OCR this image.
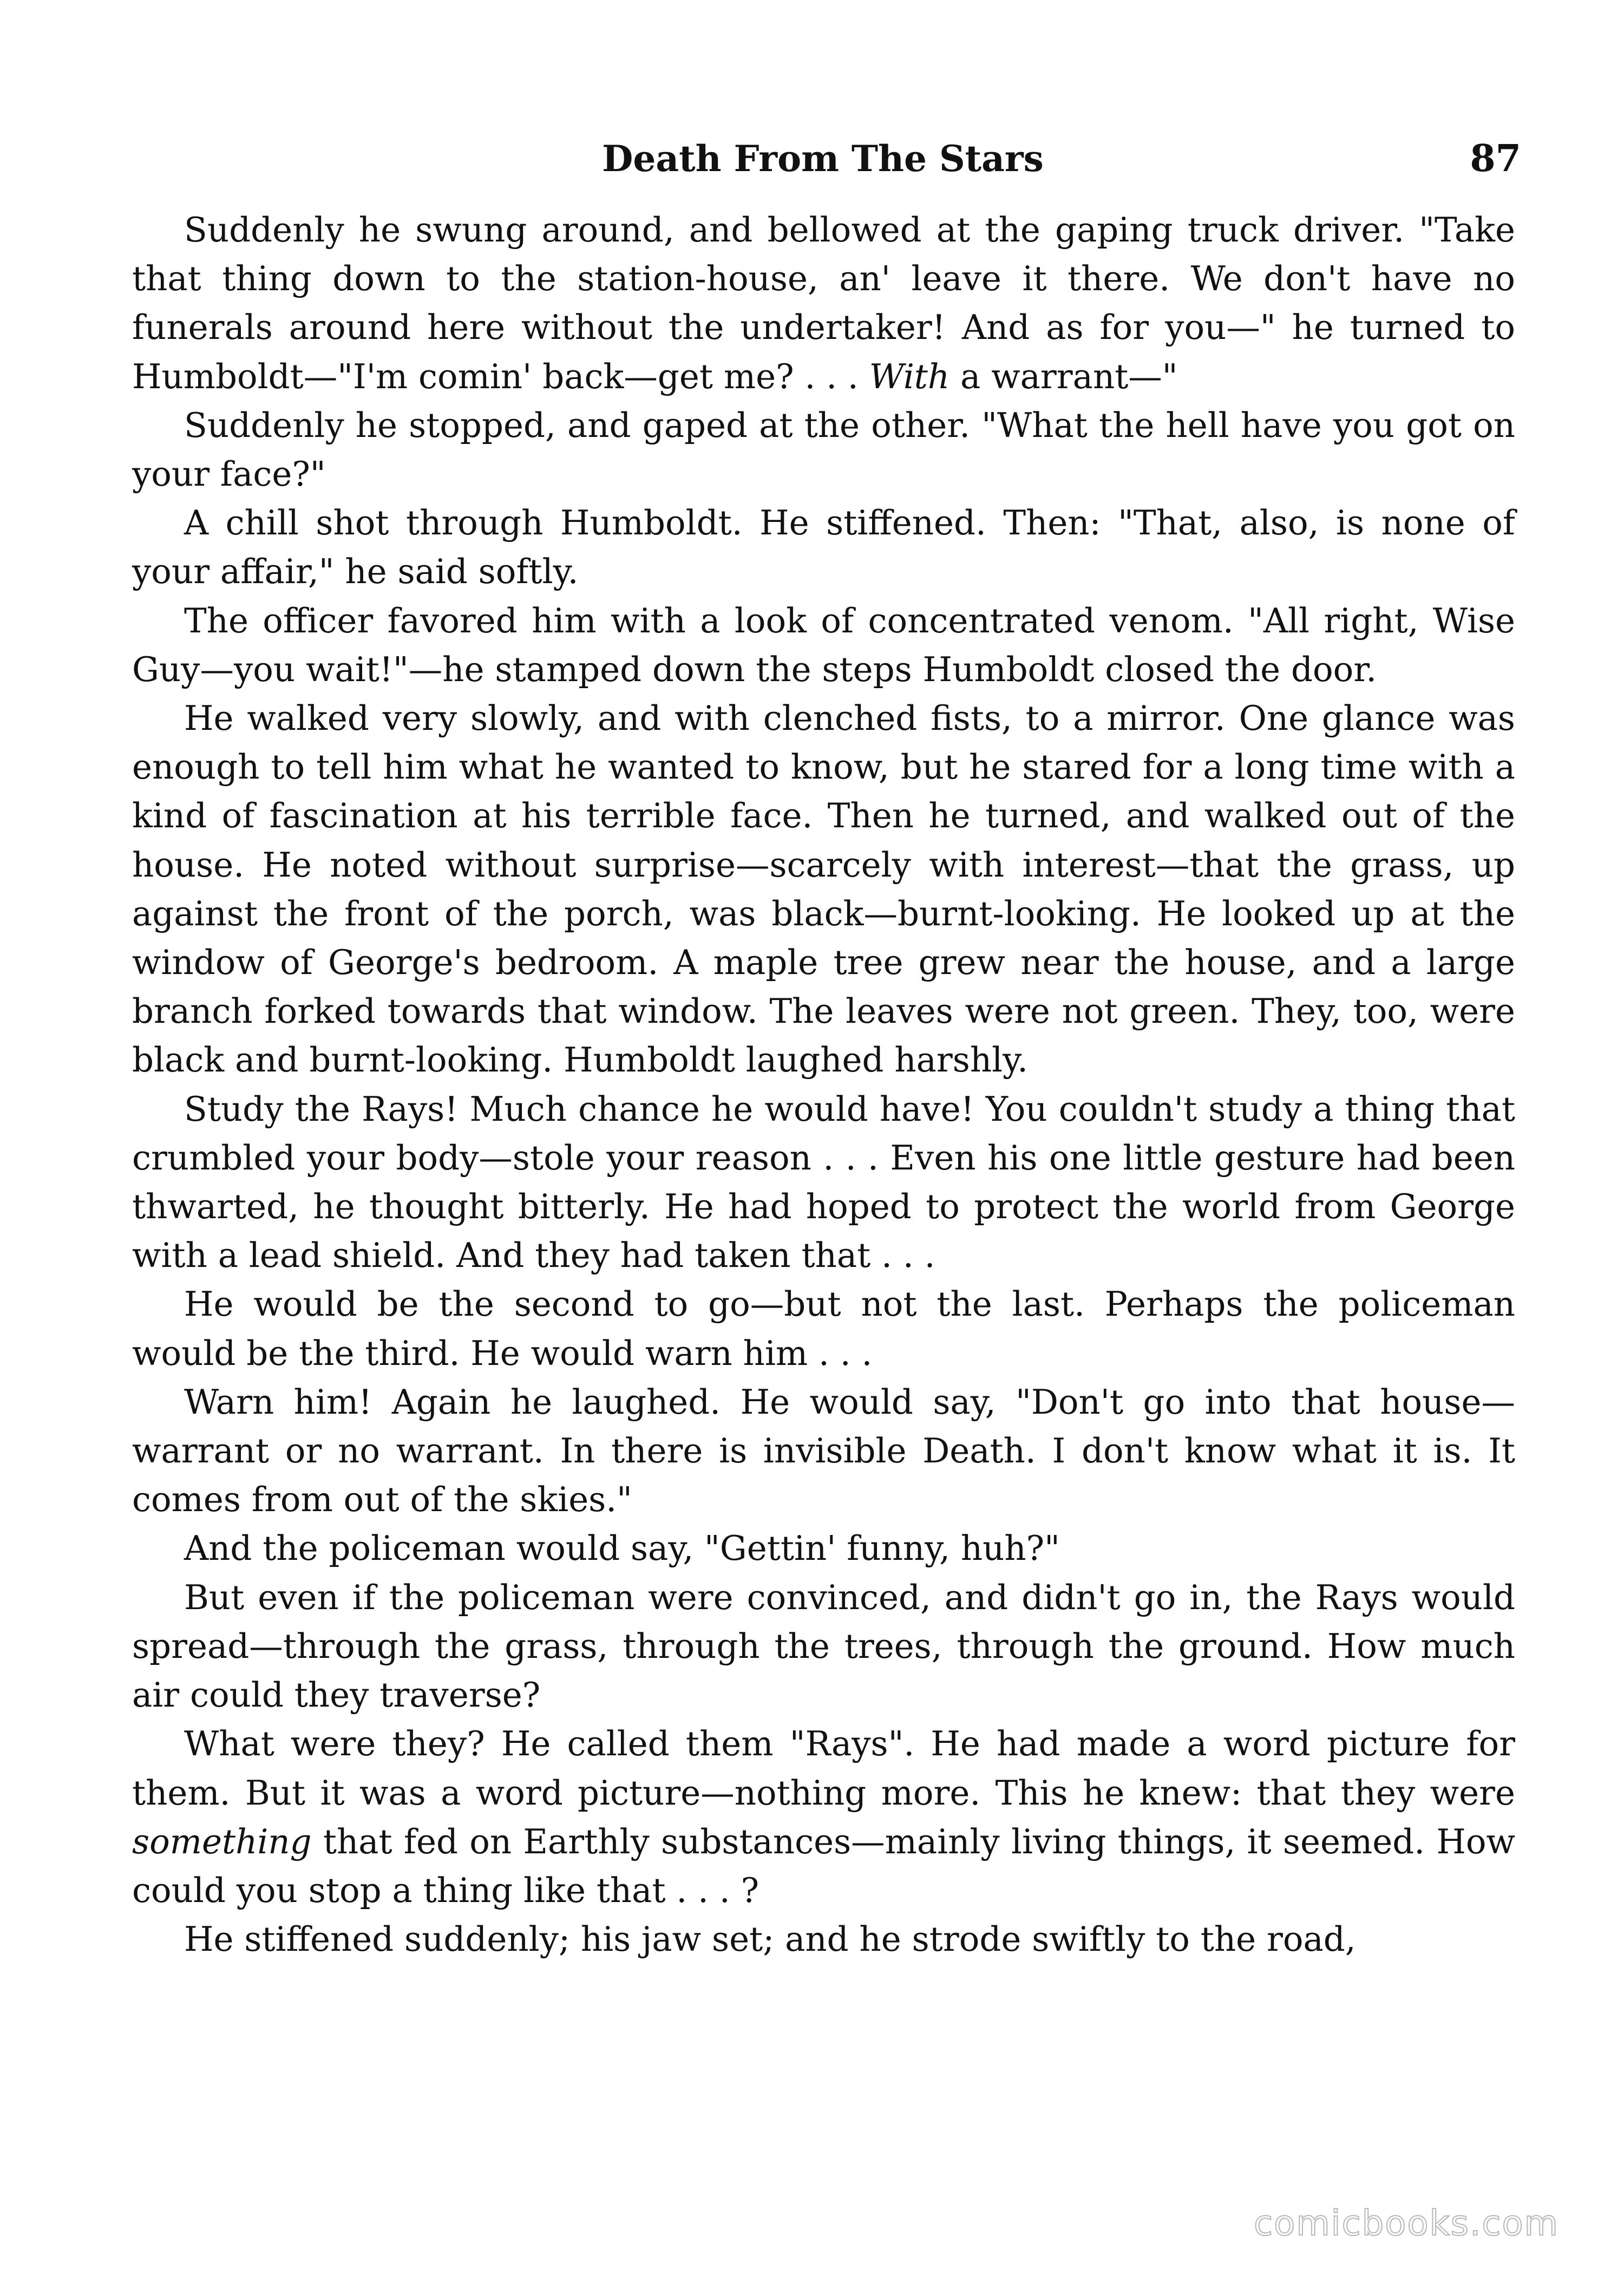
Death From The Stars	87

Suddenly he swung around, and bellowed at the gaping truck driver. "Take that thing down to the station-house, an' leave it there. We don't have no funerals around here without the undertaker! And as for you—" he turned to Humboldt—"I'm comin' back—get me? . . . With a warrant—"

Suddenly he stopped, and gaped at the other. "What the hell have you got on your face?"

A chill shot through Humboldt. He stiffened. Then: "That, also, is none of your affair," he said softly.

The officer favored him with a look of concentrated venom. "All right, Wise Guy—you wait!"—he stamped down the steps Humboldt closed the door.

He walked very slowly, and with clenched fists, to a mirror. One glance was enough to tell him what he wanted to know, but he stared for a long time with a kind of fascination at his terrible face. Then he turned, and walked out of the house. He noted without surprise—scarcely with interest—that the grass, up against the front of the porch, was black—burnt-looking. He looked up at the window of George's bedroom. A maple tree grew near the house, and a large branch forked towards that window. The leaves were not green. They, too, were black and burnt-looking. Humboldt laughed harshly.

Study the Rays! Much chance he would have! You couldn't study a thing that crumbled your body—stole your reason . . . Even his one little gesture had been thwarted, he thought bitterly. He had hoped to protect the world from George with a lead shield. And they had taken that . . .

He would be the second to go—but not the last. Perhaps the policeman would be the third. He would warn him . . .

Warn him! Again he laughed. He would say, "Don't go into that house—warrant or no warrant. In there is invisible Death. I don't know what it is. It comes from out of the skies."

And the policeman would say, "Gettin' funny, huh?"

But even if the policeman were convinced, and didn't go in, the Rays would spread—through the grass, through the trees, through the ground. How much air could they traverse?

What were they? He called them "Rays". He had made a word picture for them. But it was a word picture—nothing more. This he knew: that they were something that fed on Earthly substances—mainly living things, it seemed. How could you stop a thing like that . . . ?

He stiffened suddenly; his jaw set; and he strode swiftly to the road,

comicbooks.com
